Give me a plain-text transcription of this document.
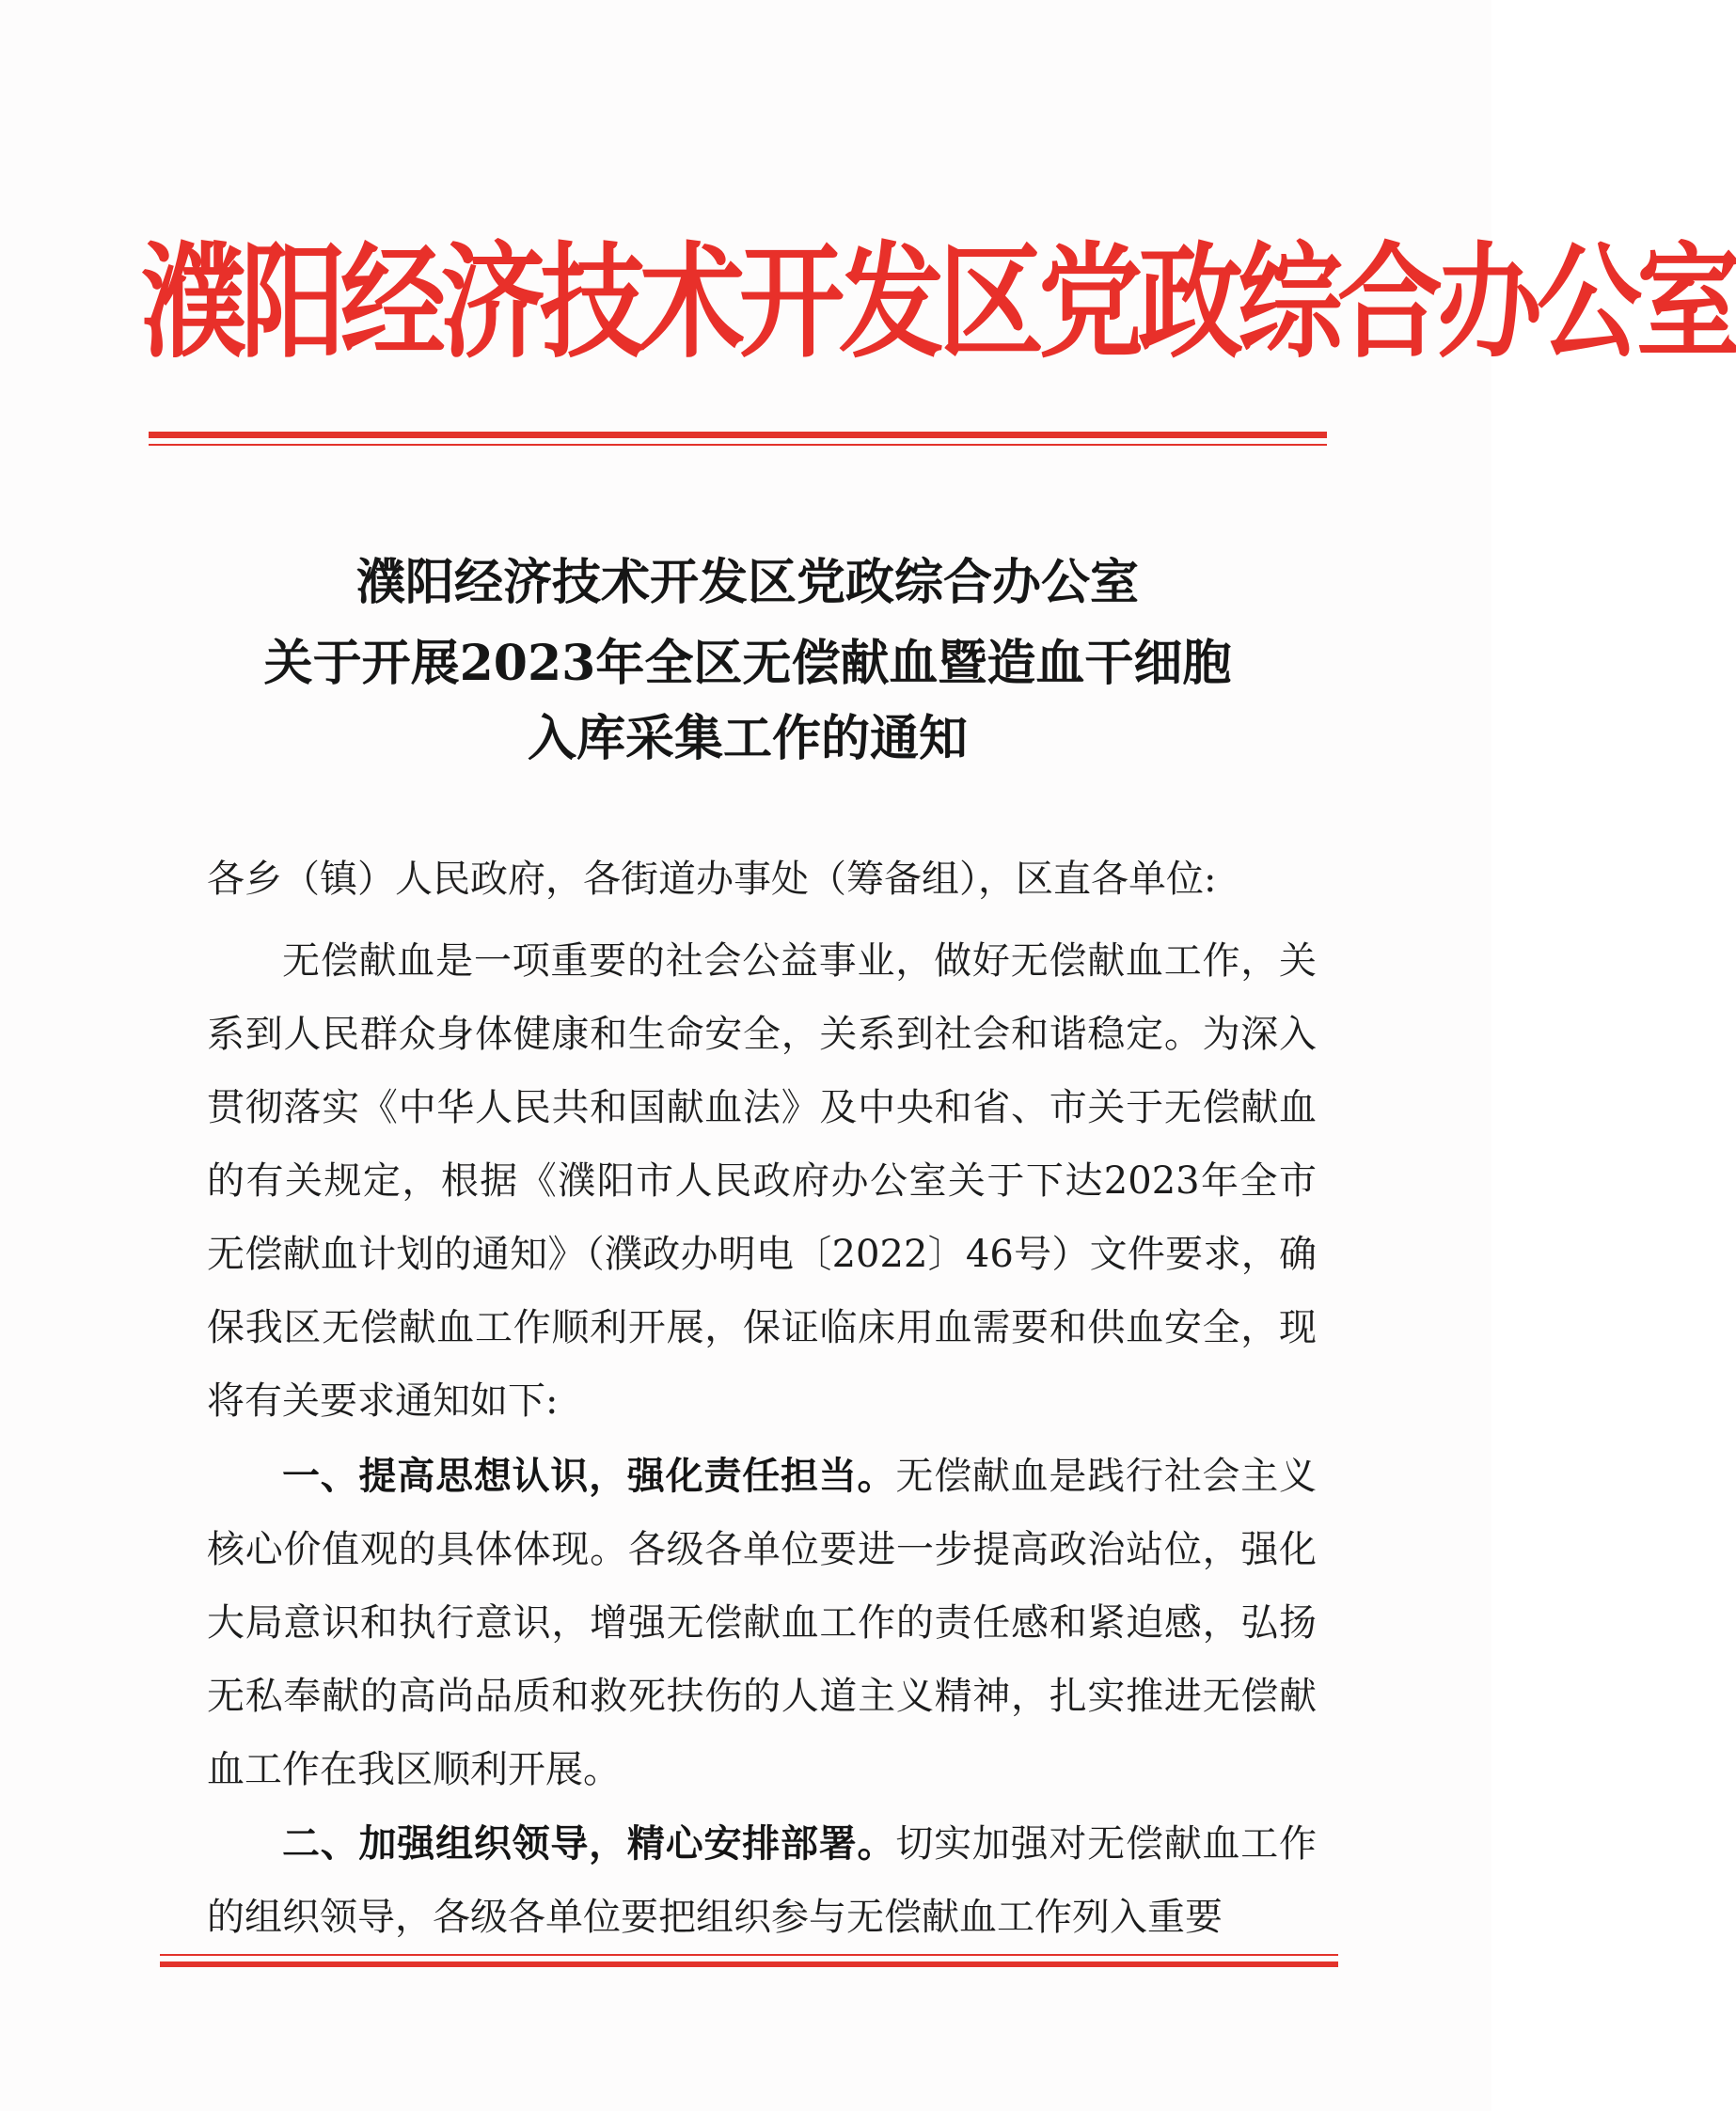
濮阳经济技术开发区党政综合办公室
濮阳经济技术开发区党政综合办公室
关于开展2023年全区无偿献血暨造血干细胞
入库采集工作的通知
各乡（镇）人民政府，各街道办事处（筹备组），区直各单位:
无偿献血是一项重要的社会公益事业，做好无偿献血工作，关系到人民群众身体健康和生命安全，关系到社会和谐稳定。为深入贯彻落实《中华人民共和国献血法》及中央和省、市关于无偿献血的有关规定，根据《濮阳市人民政府办公室关于下达2023年全市无偿献血计划的通知》（濮政办明电〔2022〕46号）文件要求，确保我区无偿献血工作顺利开展，保证临床用血需要和供血安全，现将有关要求通知如下:
一、提高思想认识，强化责任担当。无偿献血是践行社会主义核心价值观的具体体现。各级各单位要进一步提高政治站位，强化大局意识和执行意识，增强无偿献血工作的责任感和紧迫感，弘扬无私奉献的高尚品质和救死扶伤的人道主义精神，扎实推进无偿献血工作在我区顺利开展。
二、加强组织领导，精心安排部署。切实加强对无偿献血工作的组织领导，各级各单位要把组织参与无偿献血工作列入重要
